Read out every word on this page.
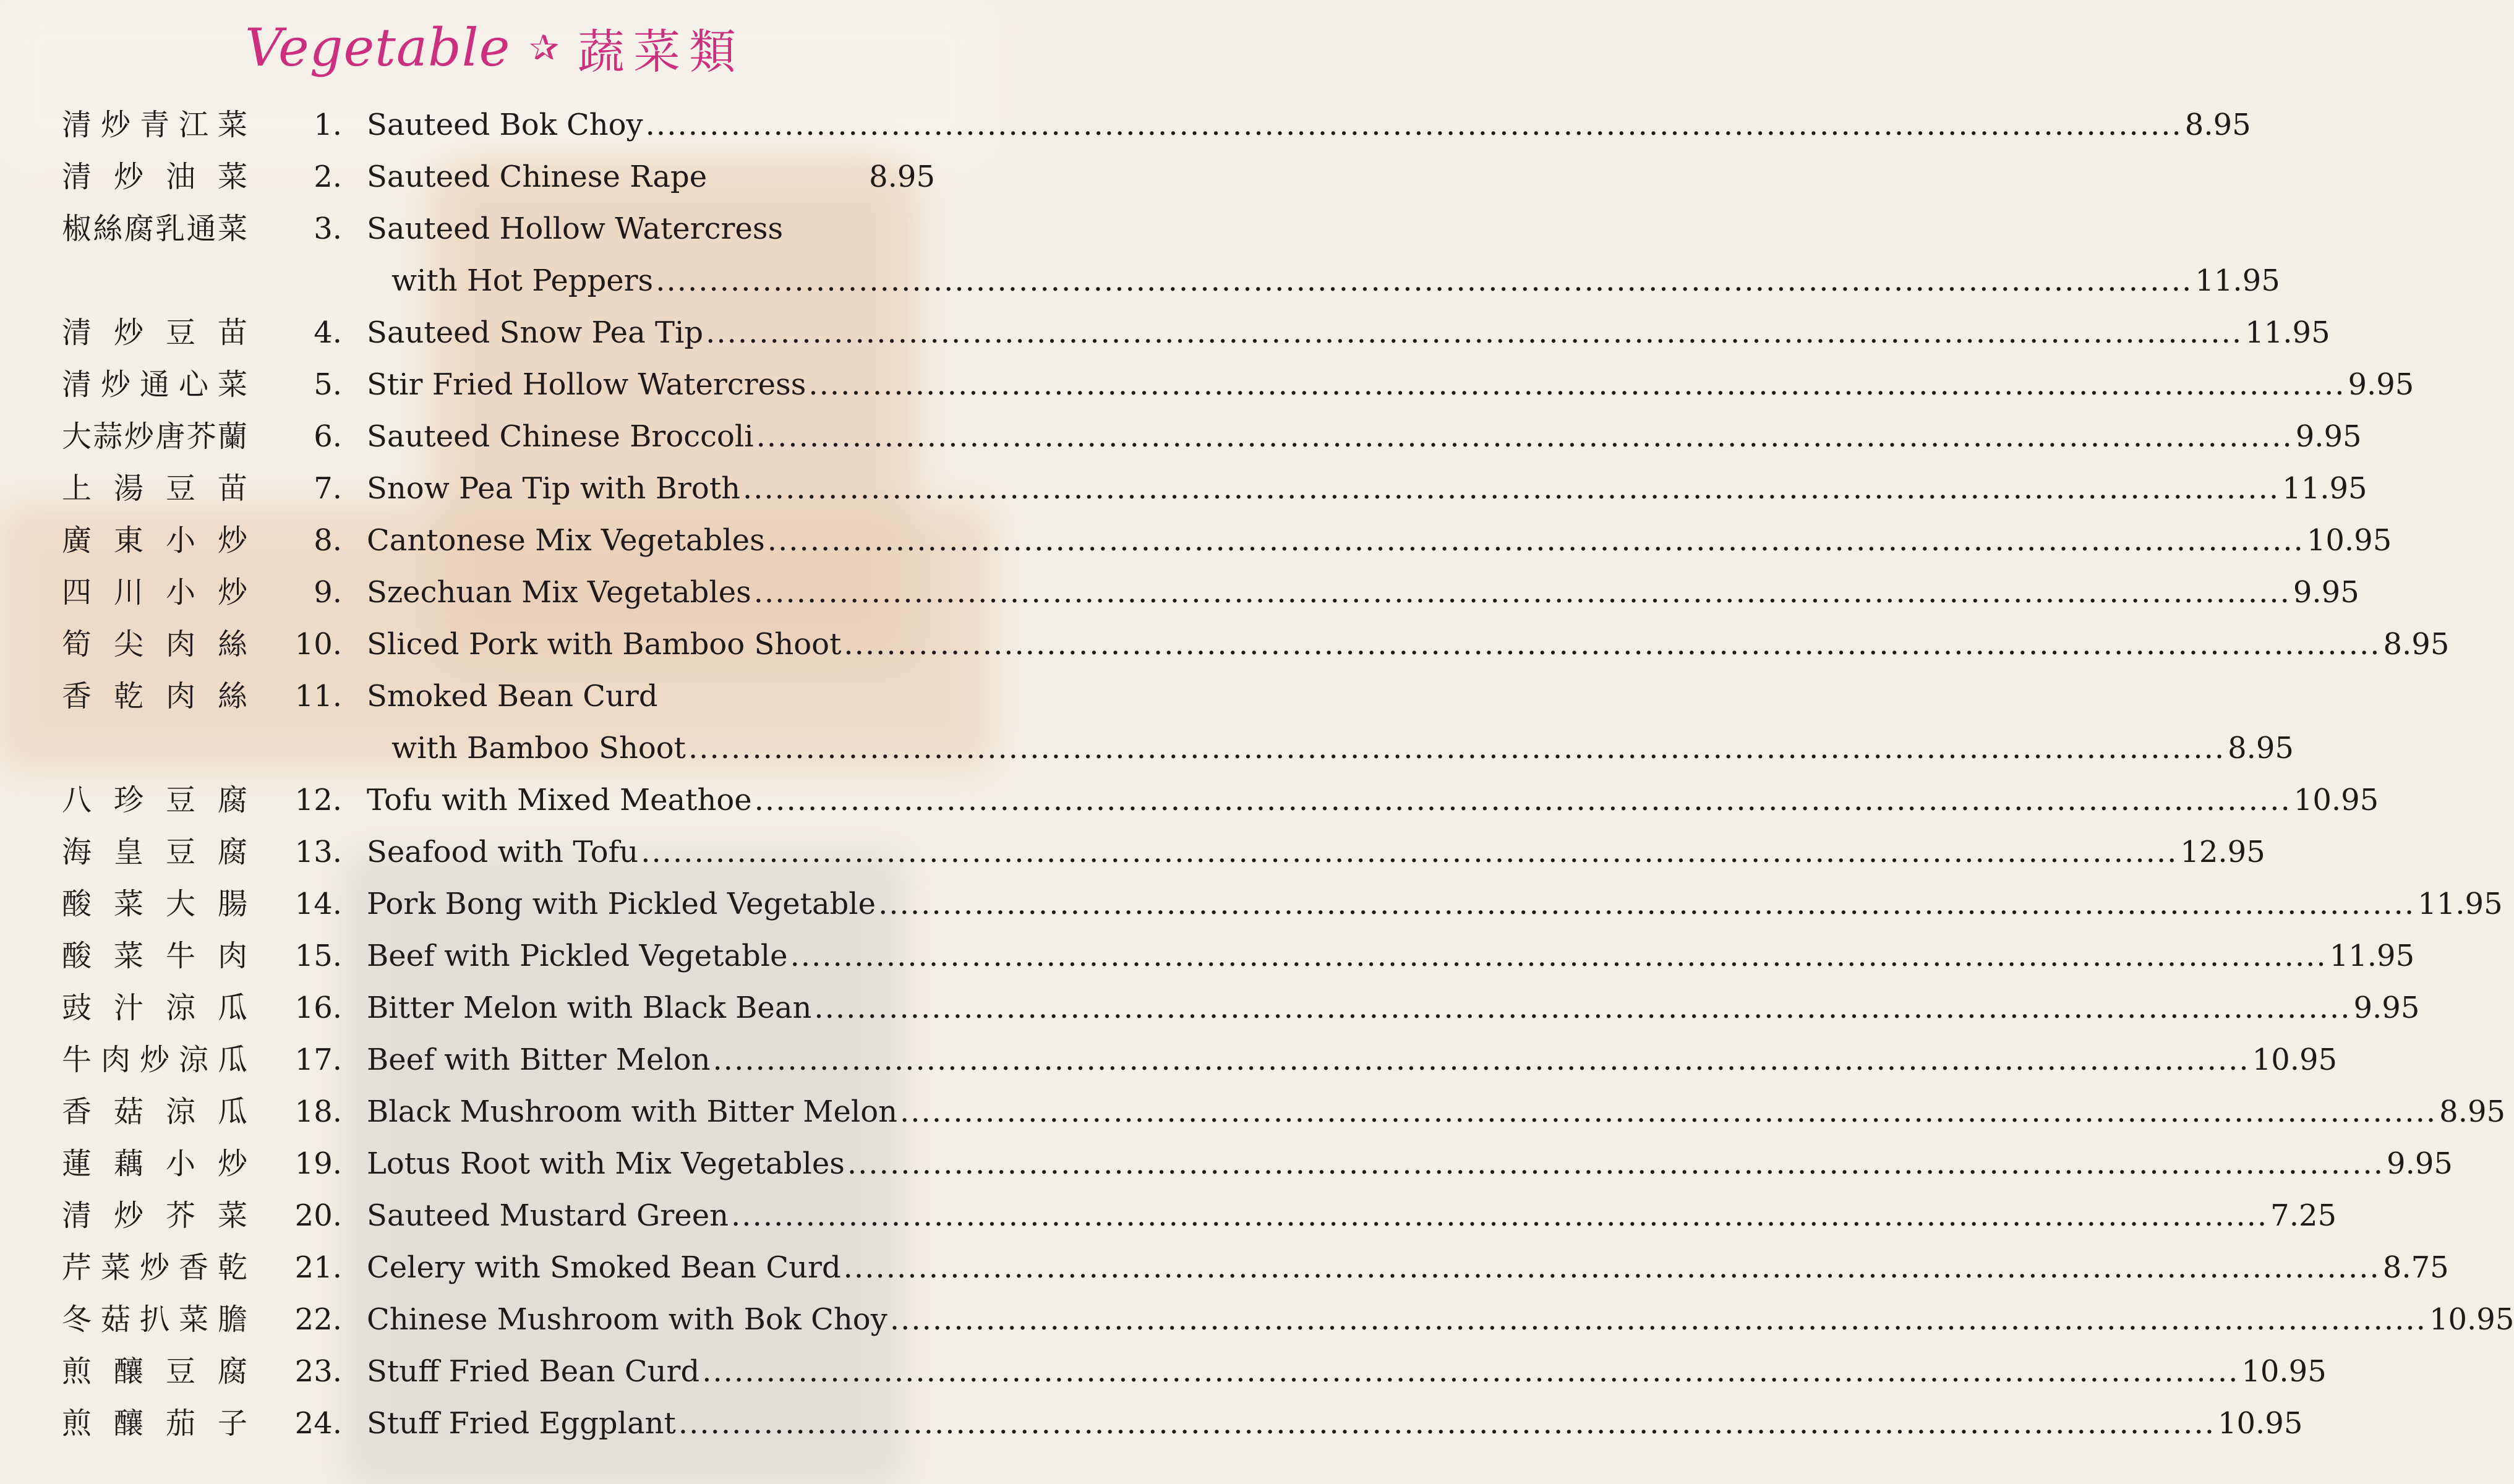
Vegetable ✰ 蔬菜類
清 炒 青 江 菜	1. Sauteed Bok Choy .....	8.95
清 炒 油 菜	2. Sauteed Chinese Rape	8.95
椒 絲 腐 乳 通 菜	3. Sauteed Hollow Watercress
with Hot Peppers .....	11.95
清 炒 豆 苗	4. Sauteed Snow Pea Tip .....	11.95
清 炒 通 心 菜	5. Stir Fried Hollow Watercress .....	9.95
大 蒜 炒 唐 芥 蘭	6. Sauteed Chinese Broccoli .....	9.95
上 湯 豆 苗	7. Snow Pea Tip with Broth .....	11.95
廣 東 小 炒	8. Cantonese Mix Vegetables .....	10.95
四 川 小 炒	9. Szechuan Mix Vegetables .....	9.95
筍 尖 肉 絲	10. Sliced Pork with Bamboo Shoot .....	8.95
香 乾 肉 絲	11. Smoked Bean Curd
with Bamboo Shoot .....	8.95
八 珍 豆 腐	12. Tofu with Mixed Meathoe .....	10.95
海 皇 豆 腐	13. Seafood with Tofu .....	12.95
酸 菜 大 腸	14. Pork Bong with Pickled Vegetable .....	11.95
酸 菜 牛 肉	15. Beef with Pickled Vegetable .....	11.95
豉 汁 涼 瓜	16. Bitter Melon with Black Bean .....	9.95
牛 肉 炒 涼 瓜	17. Beef with Bitter Melon .....	10.95
香 菇 涼 瓜	18. Black Mushroom with Bitter Melon .....	8.95
蓮 藕 小 炒	19. Lotus Root with Mix Vegetables .....	9.95
清 炒 芥 菜	20. Sauteed Mustard Green .....	7.25
芹 菜 炒 香 乾	21. Celery with Smoked Bean Curd .....	8.75
冬 菇 扒 菜 膽	22. Chinese Mushroom with Bok Choy .....	10.95
煎 釀 豆 腐	23. Stuff Fried Bean Curd .....	10.95
煎 釀 茄 子	24. Stuff Fried Eggplant .....	10.95
